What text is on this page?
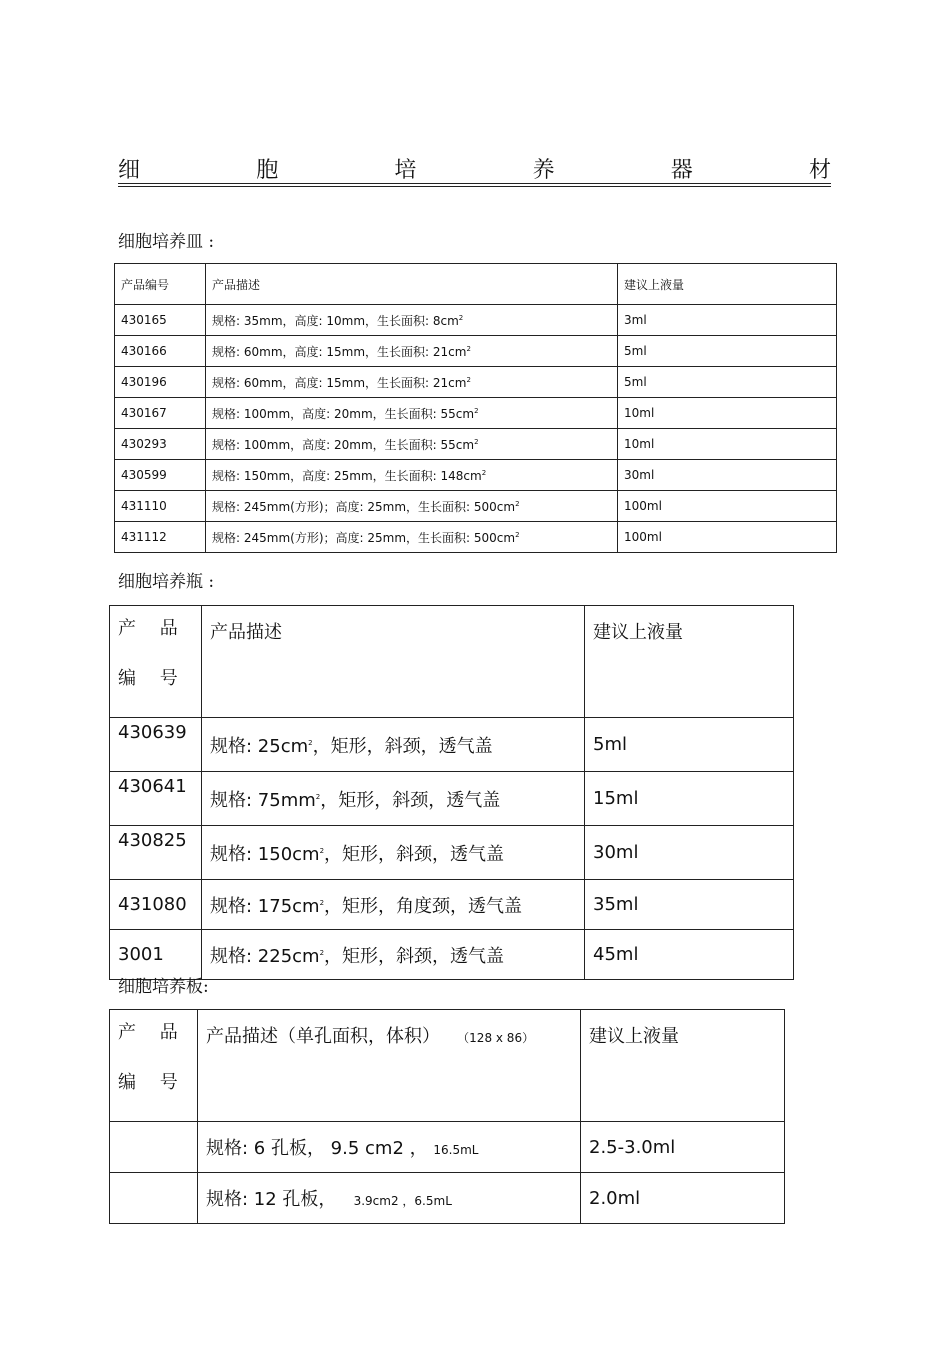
细	胞	培	养	器	材
细胞培养皿 :
产品编号	产品描述	建议上液量
430165	规格: 35mm，高度: 10mm，生长面积: $8cm^2$	3ml
430166	规格: 60mm，高度: 15mm，生长面积: $21cm^2$	5ml
430196	规格: 60mm，高度: 15mm，生长面积: $21cm^2$	5ml
430167	规格: 100mm，高度: 20mm，生长面积: $55cm^2$	10ml
430293	规格: 100mm，高度: 20mm，生长面积: $55cm^2$	10ml
430599	规格: 150mm，高度: 25mm，生长面积: $148cm^2$	30ml
431110	规格: 245mm(方形)；高度: 25mm，生长面积: $500cm^2$	100ml
431112	规格: 245mm(方形)；高度: 25mm，生长面积: $500cm^2$	100ml
细胞培养瓶 :
产 品 编 号	产品描述	建议上液量
430639	规格: $25cm^2$，矩形，斜颈，透气盖	5ml
430641	规格: $75mm^2$，矩形，斜颈，透气盖	15ml
430825	规格: $150cm^2$，矩形，斜颈，透气盖	30ml
431080	规格: $175cm^2$，矩形，角度颈，透气盖	35ml
3001	规格: $225cm^2$，矩形，斜颈，透气盖	45ml
细胞培养板:
产 品 编 号	产品描述（单孔面积，体积） （128 x 86）	建议上液量
	规格: 6 孔板， 9.5 cm2 ， 16.5mL	2.5-3.0ml
	规格: 12 孔板， 3.9cm2 ，6.5mL	2.0ml
